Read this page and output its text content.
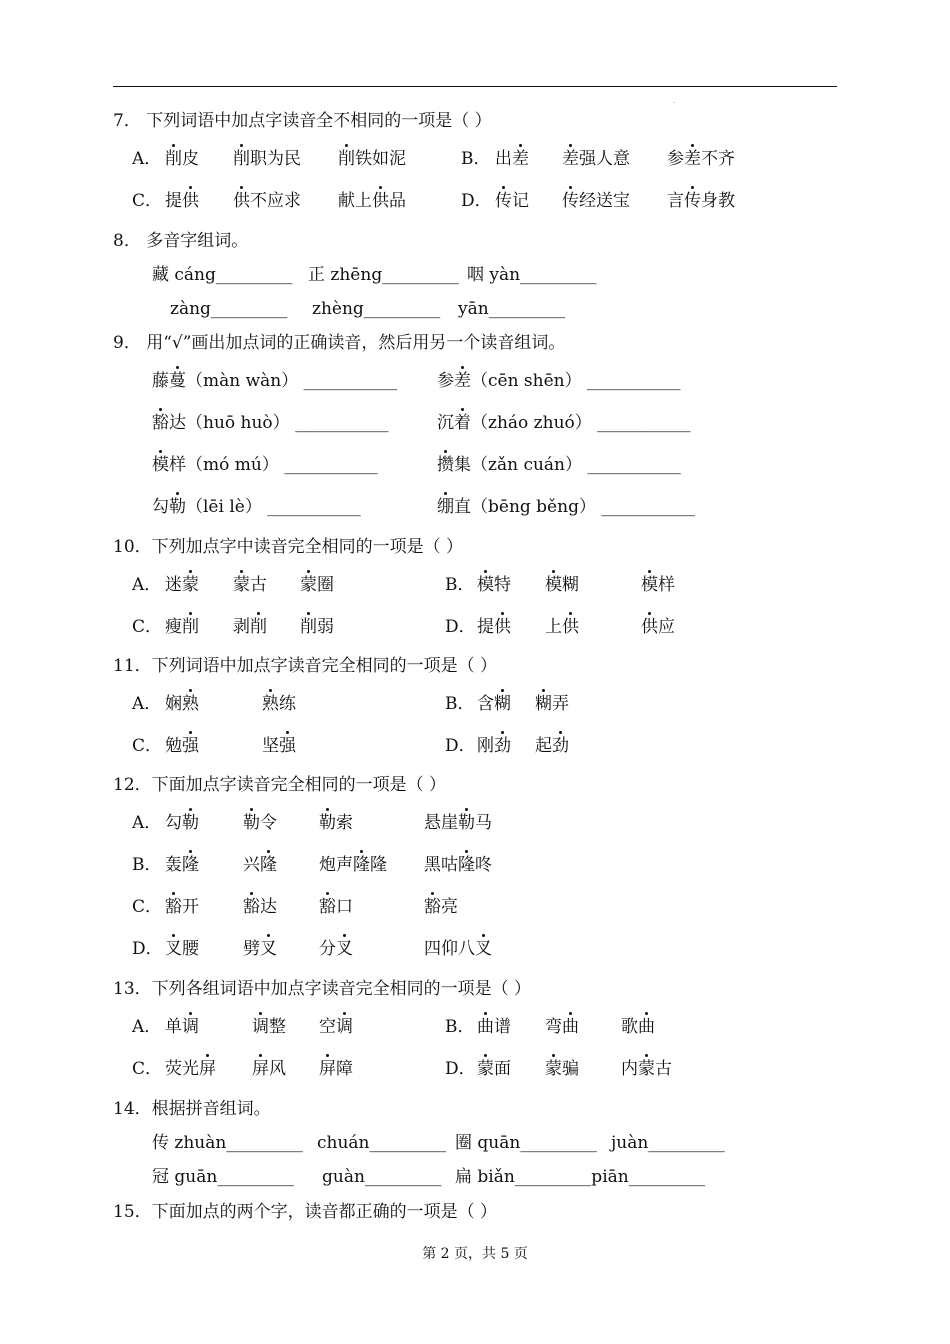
.
7． 下列词语中加点字读音全不相同的一项是（ ）
A． 削皮 削职为民 削铁如泥	B． 出差 差强人意 参差不齐
C． 提供 供不应求 献上供品	D． 传记 传经送宝 言传身教
8． 多音字组词。
藏 cáng_________ 正 zhēng_________ 咽 yàn_________
zàng_________ zhèng_________ yān_________
9． 用“√”画出加点词的正确读音，然后用另一个读音组词。
藤蔓（màn wàn） ___________ 参差（cēn shēn） ___________
豁达（huō huò） ___________	沉着（zháo zhuó） ___________
模样（mó mú） ___________	攒集（zǎn cuán） ___________
勾勒（lēi lè） ___________	绷直（bēng běng） ___________
10．下列加点字中读音完全相同的一项是（ ）
A． 迷蒙 蒙古 蒙圈	B． 模特 模糊	模样
C． 瘦削 剥削 削弱	D． 提供 上供	供应
11．下列词语中加点字读音完全相同的一项是（ ）
A． 娴熟	熟练	B． 含糊 糊弄
C． 勉强	坚强	D． 刚劲 起劲
12．下面加点字读音完全相同的一项是（ ）
A． 勾勒	勒令 勒索	悬崖勒马
B． 轰隆	兴隆 炮声隆隆 黑咕隆咚
C． 豁开	豁达 豁口	豁亮
D． 叉腰	劈叉 分叉	四仰八叉
13．下列各组词语中加点字读音完全相同的一项是（ ）
A． 单调	调整 空调	B． 曲谱 弯曲 歌曲
C． 荧光屏 屏风 屏障	D． 蒙面 蒙骗 内蒙古
14．根据拼音组词。
传 zhuàn_________ chuán_________ 圈 quān_________ juàn_________
冠 guān_________ guàn_________ 扁 biǎn_________piān_________
15．下面加点的两个字，读音都正确的一项是（ ）
第 2 页，共 5 页
